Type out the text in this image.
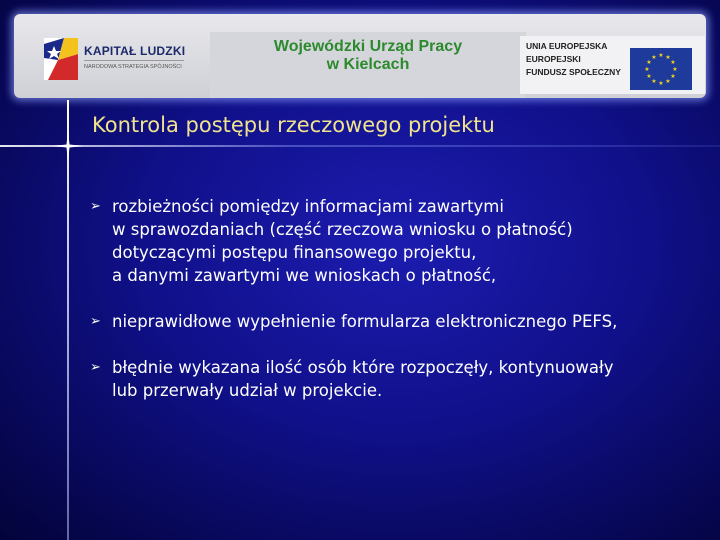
KAPITAŁ LUDZKI
NARODOWA STRATEGIA SPÓJNOŚCI
Wojewódzki Urząd Pracy
w Kielcach
UNIA EUROPEJSKA
EUROPEJSKI
FUNDUSZ SPOŁECZNY
★ ★
★
★
★
★
★
★
★
★
★
★
Kontrola postępu rzeczowego projektu
➢ rozbieżności pomiędzy informacjami zawartymi
w sprawozdaniach (część rzeczowa wniosku o płatność)
dotyczącymi postępu finansowego projektu,
a danymi zawartymi we wnioskach o płatność,
➢ nieprawidłowe wypełnienie formularza elektronicznego PEFS,
➢ błędnie wykazana ilość osób które rozpoczęły, kontynuowały
lub przerwały udział w projekcie.
